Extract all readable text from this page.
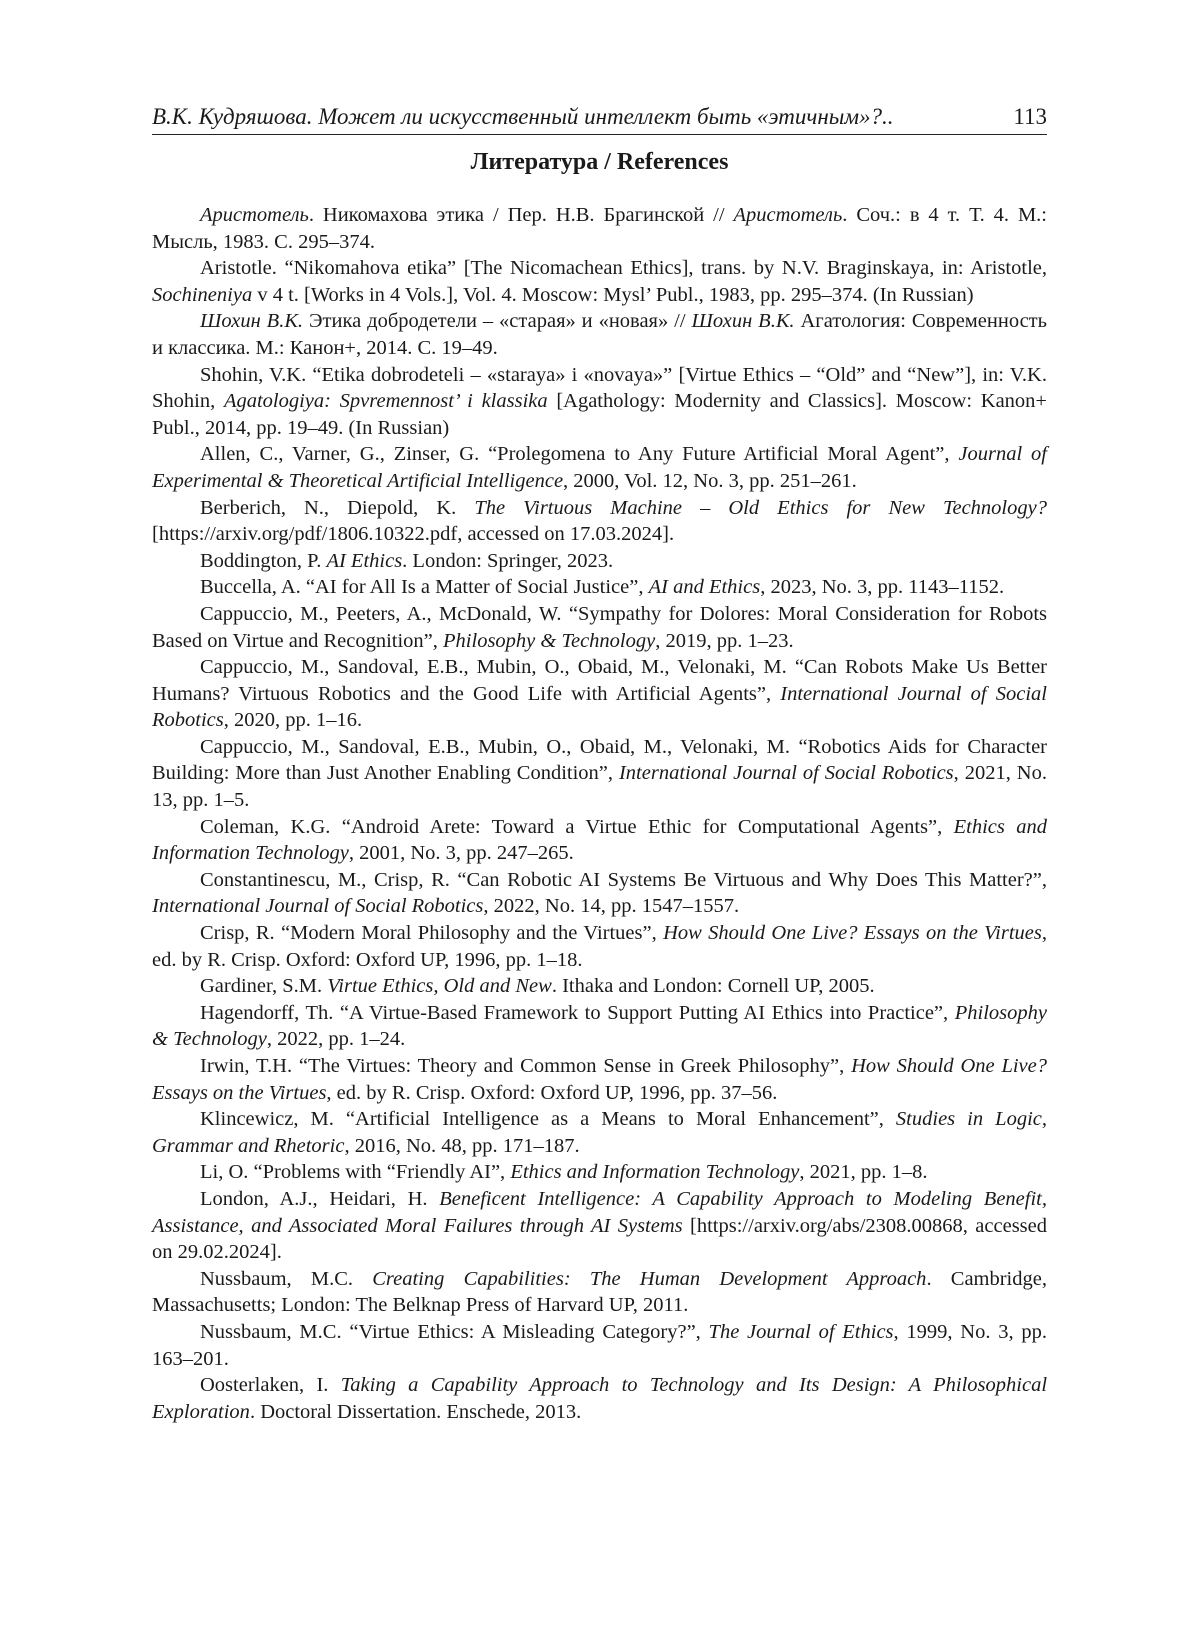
В.К. Кудряшова. Может ли искусственный интеллект быть «этичным»?..	113
Литература / References

Аристотель. Никомахова этика / Пер. Н.В. Брагинской // Аристотель. Соч.: в 4 т. Т. 4. М.: Мысль, 1983. С. 295–374.

Aristotle. “Nikomahova etika” [The Nicomachean Ethics], trans. by N.V. Braginskaya, in: Aristotle, Sochineniya v 4 t. [Works in 4 Vols.], Vol. 4. Moscow: Mysl’ Publ., 1983, pp. 295–374. (In Russian)

Шохин В.К. Этика добродетели – «старая» и «новая» // Шохин В.К. Агатология: Современность и классика. М.: Канон+, 2014. С. 19–49.

Shohin, V.K. “Etika dobrodeteli – «staraya» i «novaya»” [Virtue Ethics – “Old” and “New”], in: V.K. Shohin, Agatologiya: Spvremennost’ i klassika [Agathology: Modernity and Classics]. Moscow: Kanon+ Publ., 2014, pp. 19–49. (In Russian)

Allen, C., Varner, G., Zinser, G. “Prolegomena to Any Future Artificial Moral Agent”, Journal of Experimental & Theoretical Artificial Intelligence, 2000, Vol. 12, No. 3, pp. 251–261.

Berberich, N., Diepold, K. The Virtuous Machine – Old Ethics for New Technology? [https://arxiv.org/pdf/1806.10322.pdf, accessed on 17.03.2024].

Boddington, P. AI Ethics. London: Springer, 2023.

Buccella, A. “AI for All Is a Matter of Social Justice”, AI and Ethics, 2023, No. 3, pp. 1143–1152.

Cappuccio, M., Peeters, A., McDonald, W. “Sympathy for Dolores: Moral Consideration for Robots Based on Virtue and Recognition”, Philosophy & Technology, 2019, pp. 1–23.

Cappuccio, M., Sandoval, E.B., Mubin, O., Obaid, M., Velonaki, M. “Can Robots Make Us Better Humans? Virtuous Robotics and the Good Life with Artificial Agents”, International Journal of Social Robotics, 2020, pp. 1–16.

Cappuccio, M., Sandoval, E.B., Mubin, O., Obaid, M., Velonaki, M. “Robotics Aids for Character Building: More than Just Another Enabling Condition”, International Journal of Social Robotics, 2021, No. 13, pp. 1–5.

Coleman, K.G. “Android Arete: Toward a Virtue Ethic for Computational Agents”, Ethics and Information Technology, 2001, No. 3, pp. 247–265.

Constantinescu, M., Crisp, R. “Can Robotic AI Systems Be Virtuous and Why Does This Matter?”, International Journal of Social Robotics, 2022, No. 14, pp. 1547–1557.

Crisp, R. “Modern Moral Philosophy and the Virtues”, How Should One Live? Essays on the Virtues, ed. by R. Crisp. Oxford: Oxford UP, 1996, pp. 1–18.

Gardiner, S.M. Virtue Ethics, Old and New. Ithaka and London: Cornell UP, 2005.

Hagendorff, Th. “A Virtue-Based Framework to Support Putting AI Ethics into Practice”, Philosophy & Technology, 2022, pp. 1–24.

Irwin, T.H. “The Virtues: Theory and Common Sense in Greek Philosophy”, How Should One Live? Essays on the Virtues, ed. by R. Crisp. Oxford: Oxford UP, 1996, pp. 37–56.

Klincewicz, M. “Artificial Intelligence as a Means to Moral Enhancement”, Studies in Logic, Grammar and Rhetoric, 2016, No. 48, pp. 171–187.

Li, O. “Problems with “Friendly AI”, Ethics and Information Technology, 2021, pp. 1–8.

London, A.J., Heidari, H. Beneficent Intelligence: A Capability Approach to Modeling Benefit, Assistance, and Associated Moral Failures through AI Systems [https://arxiv.org/abs/2308.00868, accessed on 29.02.2024].

Nussbaum, M.C. Creating Capabilities: The Human Development Approach. Cambridge, Massachusetts; London: The Belknap Press of Harvard UP, 2011.

Nussbaum, M.C. “Virtue Ethics: A Misleading Category?”, The Journal of Ethics, 1999, No. 3, pp. 163–201.

Oosterlaken, I. Taking a Capability Approach to Technology and Its Design: A Philosophical Exploration. Doctoral Dissertation. Enschede, 2013.
